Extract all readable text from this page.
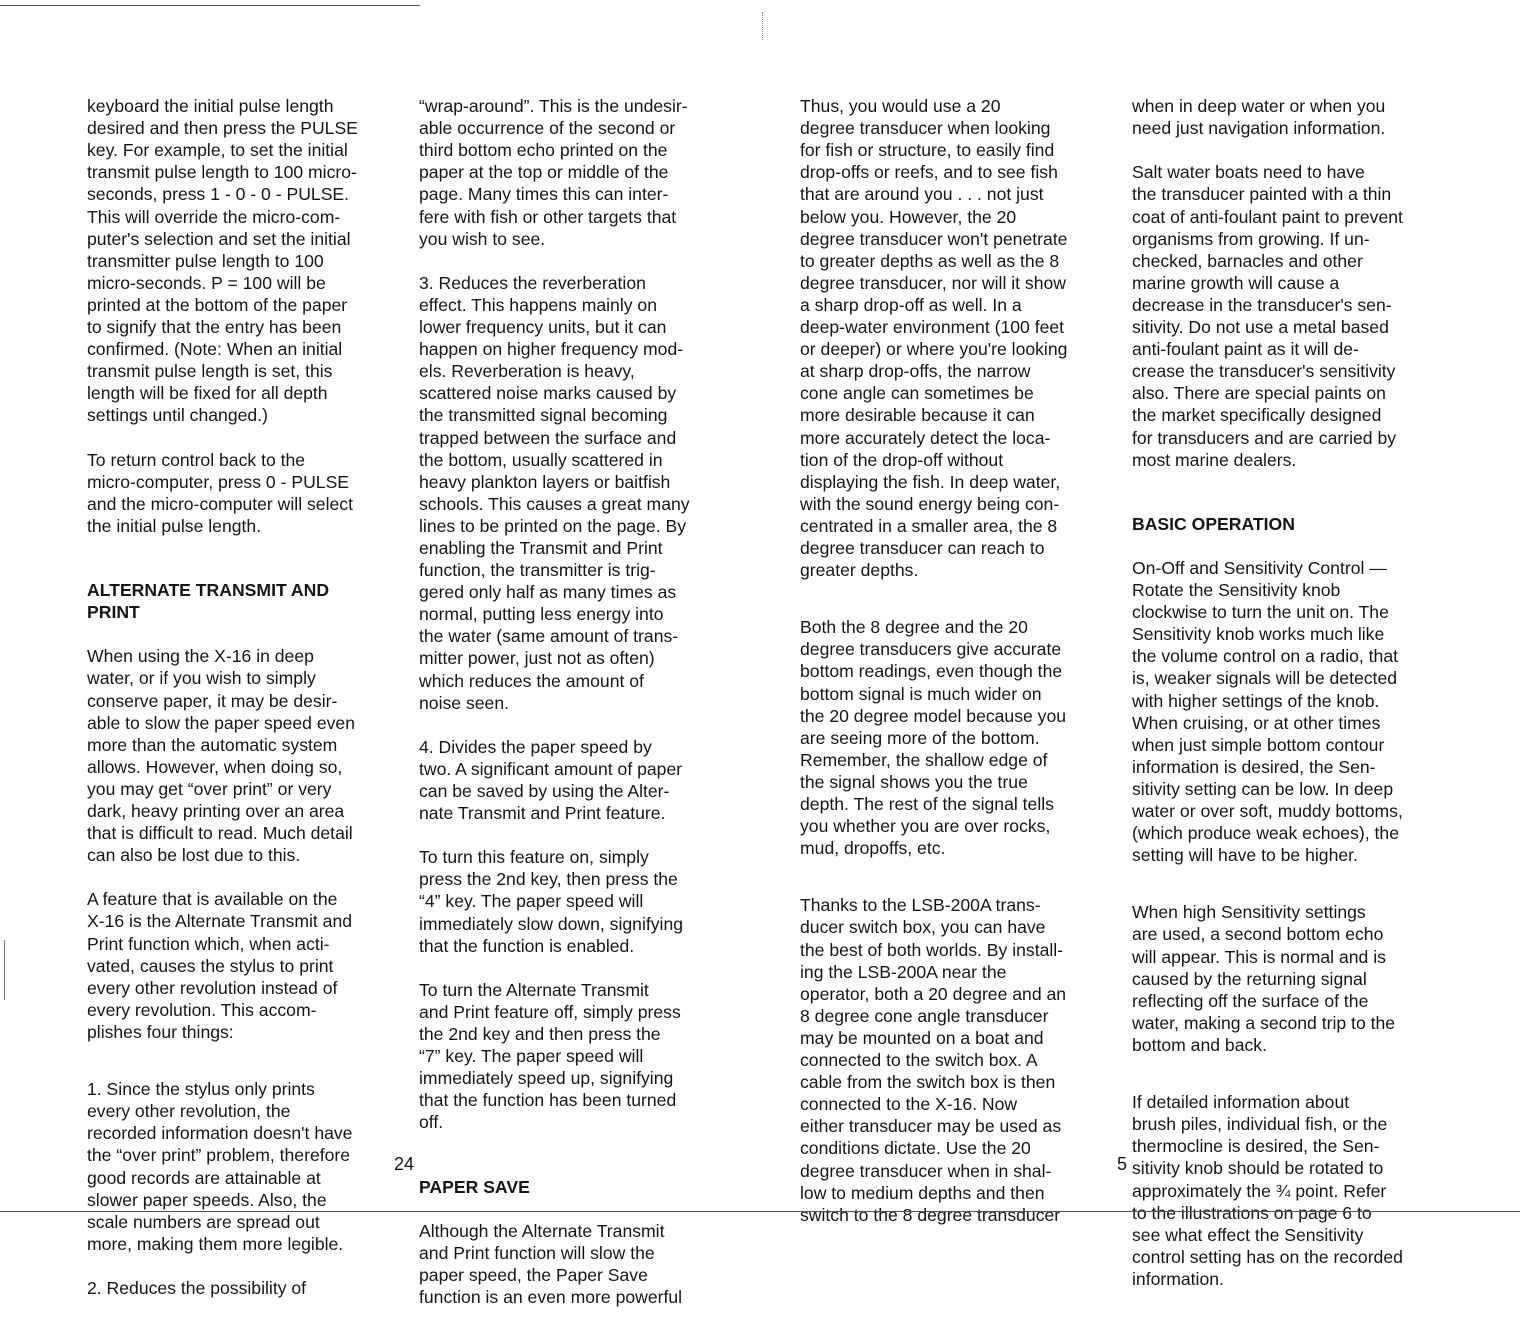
keyboard the initial pulse length
desired and then press the PULSE
key. For example, to set the initial
transmit pulse length to 100 micro-
seconds, press 1 - 0 - 0 - PULSE.
This will override the micro-com-
puter's selection and set the initial
transmitter pulse length to 100
micro-seconds. P = 100 will be
printed at the bottom of the paper
to signify that the entry has been
confirmed. (Note: When an initial
transmit pulse length is set, this
length will be fixed for all depth
settings until changed.)

To return control back to the
micro-computer, press 0 - PULSE
and the micro-computer will select
the initial pulse length.

ALTERNATE TRANSMIT AND
PRINT

When using the X-16 in deep
water, or if you wish to simply
conserve paper, it may be desir-
able to slow the paper speed even
more than the automatic system
allows. However, when doing so,
you may get “over print” or very
dark, heavy printing over an area
that is difficult to read. Much detail
can also be lost due to this.

A feature that is available on the
X-16 is the Alternate Transmit and
Print function which, when acti-
vated, causes the stylus to print
every other revolution instead of
every revolution. This accom-
plishes four things:

1. Since the stylus only prints
every other revolution, the
recorded information doesn't have
the “over print” problem, therefore
good records are attainable at
slower paper speeds. Also, the
scale numbers are spread out
more, making them more legible.

2. Reduces the possibility of

“wrap-around”. This is the undesir-
able occurrence of the second or
third bottom echo printed on the
paper at the top or middle of the
page. Many times this can inter-
fere with fish or other targets that
you wish to see.

3. Reduces the reverberation
effect. This happens mainly on
lower frequency units, but it can
happen on higher frequency mod-
els. Reverberation is heavy,
scattered noise marks caused by
the transmitted signal becoming
trapped between the surface and
the bottom, usually scattered in
heavy plankton layers or baitfish
schools. This causes a great many
lines to be printed on the page. By
enabling the Transmit and Print
function, the transmitter is trig-
gered only half as many times as
normal, putting less energy into
the water (same amount of trans-
mitter power, just not as often)
which reduces the amount of
noise seen.

4. Divides the paper speed by
two. A significant amount of paper
can be saved by using the Alter-
nate Transmit and Print feature.

To turn this feature on, simply
press the 2nd key, then press the
“4” key. The paper speed will
immediately slow down, signifying
that the function is enabled.

To turn the Alternate Transmit
and Print feature off, simply press
the 2nd key and then press the
“7” key. The paper speed will
immediately speed up, signifying
that the function has been turned
off.

PAPER SAVE

Although the Alternate Transmit
and Print function will slow the
paper speed, the Paper Save
function is an even more powerful

24

Thus, you would use a 20
degree transducer when looking
for fish or structure, to easily find
drop-offs or reefs, and to see fish
that are around you . . . not just
below you. However, the 20
degree transducer won't penetrate
to greater depths as well as the 8
degree transducer, nor will it show
a sharp drop-off as well. In a
deep-water environment (100 feet
or deeper) or where you're looking
at sharp drop-offs, the narrow
cone angle can sometimes be
more desirable because it can
more accurately detect the loca-
tion of the drop-off without
displaying the fish. In deep water,
with the sound energy being con-
centrated in a smaller area, the 8
degree transducer can reach to
greater depths.

Both the 8 degree and the 20
degree transducers give accurate
bottom readings, even though the
bottom signal is much wider on
the 20 degree model because you
are seeing more of the bottom.
Remember, the shallow edge of
the signal shows you the true
depth. The rest of the signal tells
you whether you are over rocks,
mud, dropoffs, etc.

Thanks to the LSB-200A trans-
ducer switch box, you can have
the best of both worlds. By install-
ing the LSB-200A near the
operator, both a 20 degree and an
8 degree cone angle transducer
may be mounted on a boat and
connected to the switch box. A
cable from the switch box is then
connected to the X-16. Now
either transducer may be used as
conditions dictate. Use the 20
degree transducer when in shal-
low to medium depths and then
switch to the 8 degree transducer

when in deep water or when you
need just navigation information.

Salt water boats need to have
the transducer painted with a thin
coat of anti-foulant paint to prevent
organisms from growing. If un-
checked, barnacles and other
marine growth will cause a
decrease in the transducer's sen-
sitivity. Do not use a metal based
anti-foulant paint as it will de-
crease the transducer's sensitivity
also. There are special paints on
the market specifically designed
for transducers and are carried by
most marine dealers.

BASIC OPERATION

On-Off and Sensitivity Control —
Rotate the Sensitivity knob
clockwise to turn the unit on. The
Sensitivity knob works much like
the volume control on a radio, that
is, weaker signals will be detected
with higher settings of the knob.
When cruising, or at other times
when just simple bottom contour
information is desired, the Sen-
sitivity setting can be low. In deep
water or over soft, muddy bottoms,
(which produce weak echoes), the
setting will have to be higher.

When high Sensitivity settings
are used, a second bottom echo
will appear. This is normal and is
caused by the returning signal
reflecting off the surface of the
water, making a second trip to the
bottom and back.

If detailed information about
brush piles, individual fish, or the
thermocline is desired, the Sen-
sitivity knob should be rotated to
approximately the ¾ point. Refer
to the illustrations on page 6 to
see what effect the Sensitivity
control setting has on the recorded
information.

5
